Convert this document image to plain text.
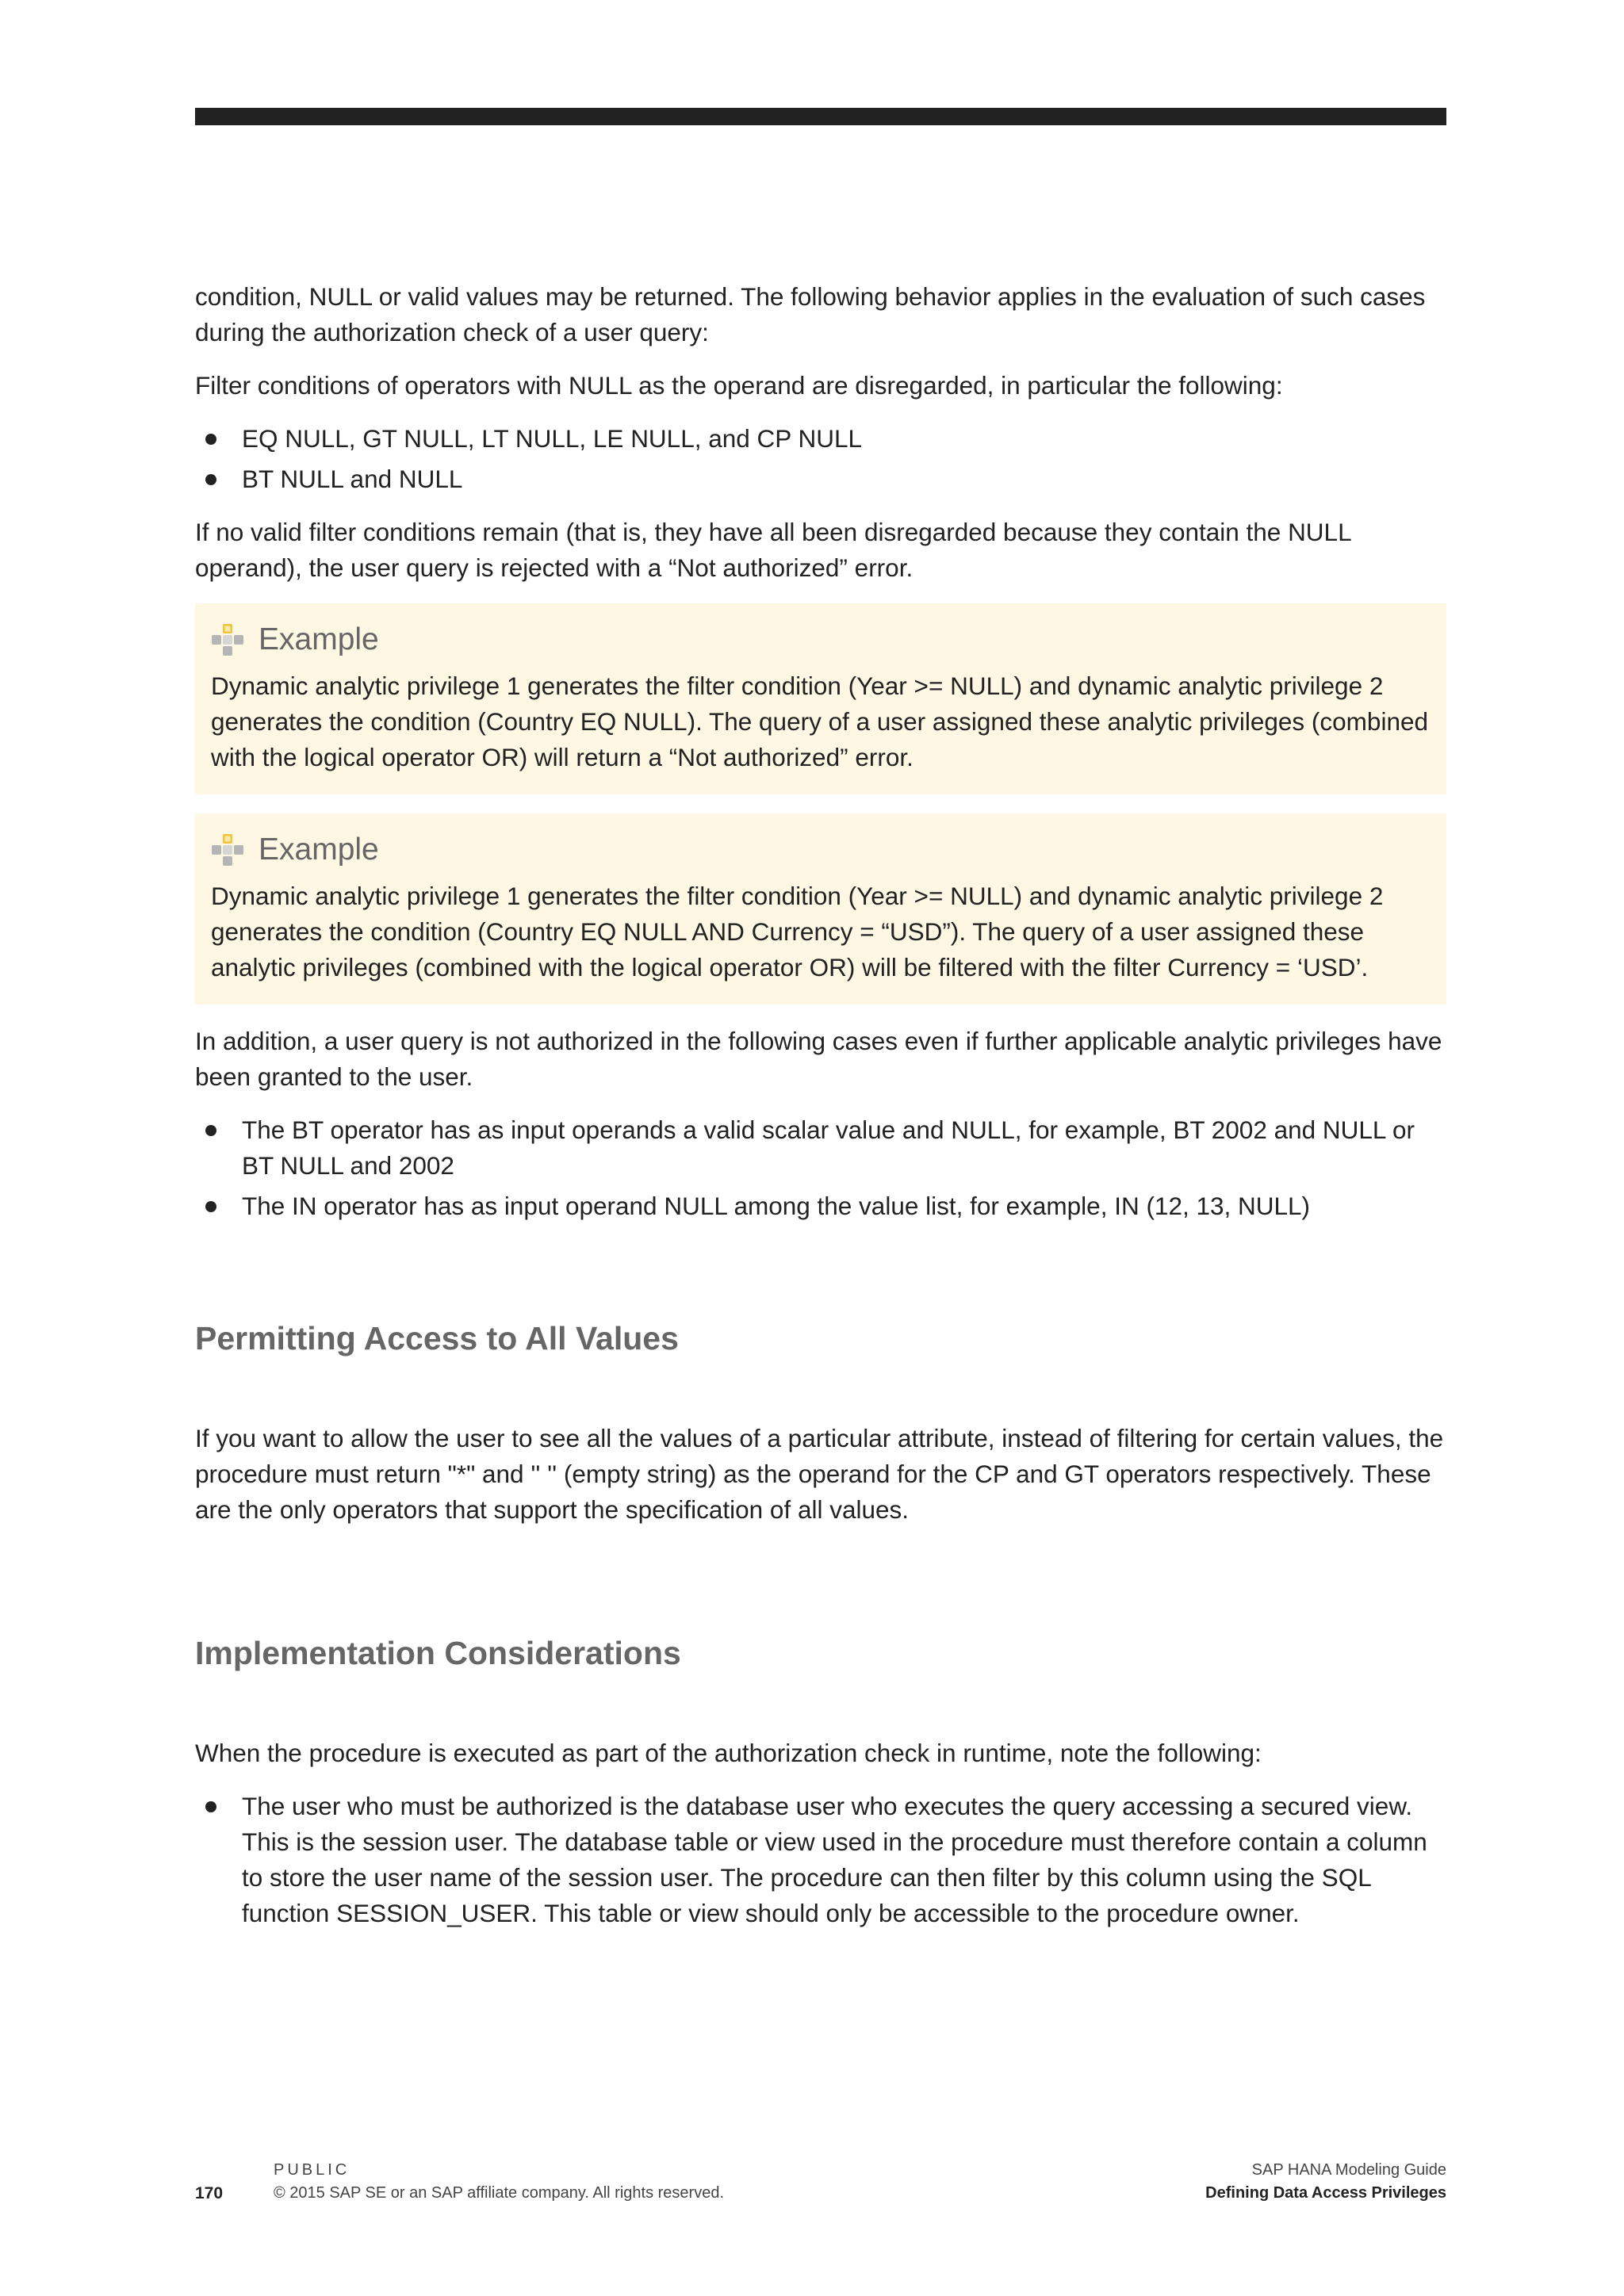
condition, NULL or valid values may be returned. The following behavior applies in the evaluation of such cases during the authorization check of a user query:

Filter conditions of operators with NULL as the operand are disregarded, in particular the following:

EQ NULL, GT NULL, LT NULL, LE NULL, and CP NULL
BT NULL and NULL

If no valid filter conditions remain (that is, they have all been disregarded because they contain the NULL operand), the user query is rejected with a “Not authorized” error.

Example

Dynamic analytic privilege 1 generates the filter condition (Year >= NULL) and dynamic analytic privilege 2 generates the condition (Country EQ NULL). The query of a user assigned these analytic privileges (combined with the logical operator OR) will return a “Not authorized” error.

Example

Dynamic analytic privilege 1 generates the filter condition (Year >= NULL) and dynamic analytic privilege 2 generates the condition (Country EQ NULL AND Currency = “USD”). The query of a user assigned these analytic privileges (combined with the logical operator OR) will be filtered with the filter Currency = ‘USD’.

In addition, a user query is not authorized in the following cases even if further applicable analytic privileges have been granted to the user.

The BT operator has as input operands a valid scalar value and NULL, for example, BT 2002 and NULL or BT NULL and 2002
The IN operator has as input operand NULL among the value list, for example, IN (12, 13, NULL)
Permitting Access to All Values

If you want to allow the user to see all the values of a particular attribute, instead of filtering for certain values, the procedure must return "*" and '' '' (empty string) as the operand for the CP and GT operators respectively. These are the only operators that support the specification of all values.

Implementation Considerations

When the procedure is executed as part of the authorization check in runtime, note the following:

The user who must be authorized is the database user who executes the query accessing a secured view. This is the session user. The database table or view used in the procedure must therefore contain a column to store the user name of the session user. The procedure can then filter by this column using the SQL function SESSION_USER. This table or view should only be accessible to the procedure owner.
170
PUBLIC
© 2015 SAP SE or an SAP affiliate company. All rights reserved.
SAP HANA Modeling Guide
Defining Data Access Privileges
